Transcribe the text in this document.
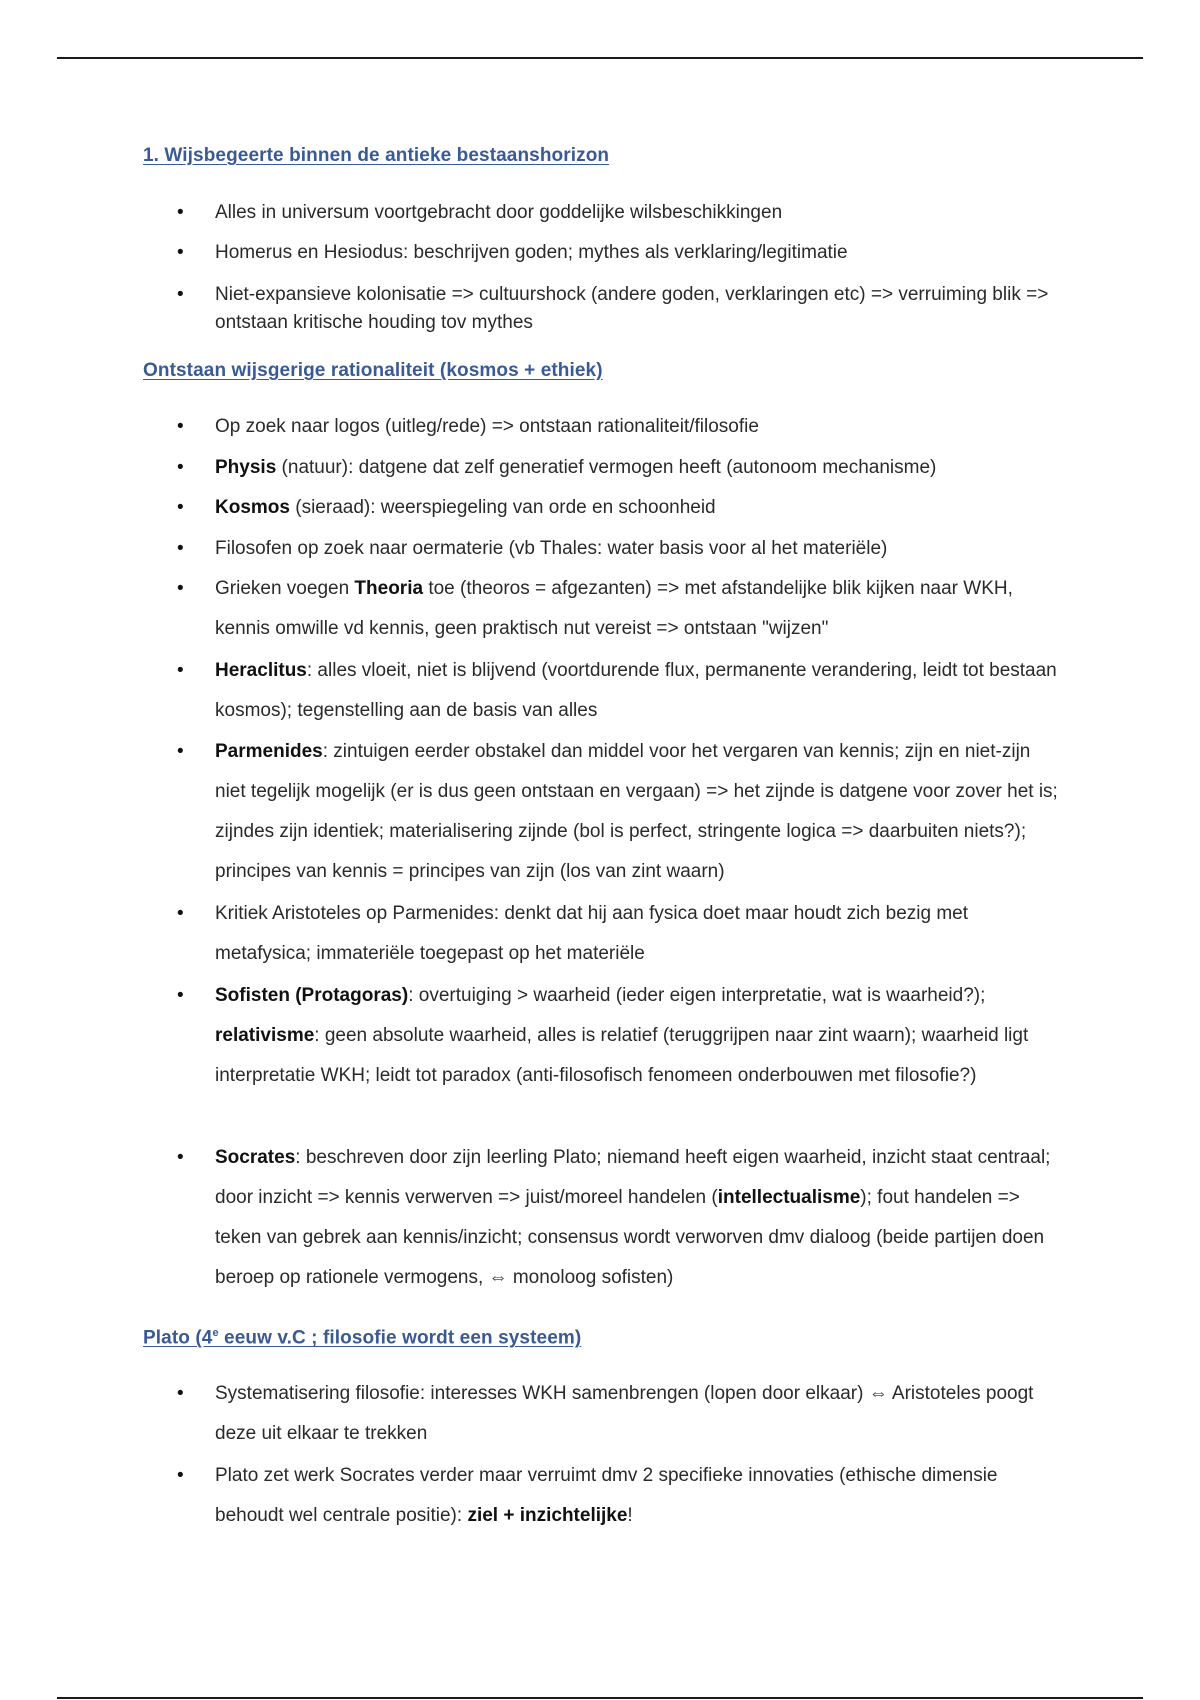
1. Wijsbegeerte binnen de antieke bestaanshorizon
• Alles in universum voortgebracht door goddelijke wilsbeschikkingen
• Homerus en Hesiodus: beschrijven goden; mythes als verklaring/legitimatie
• Niet-expansieve kolonisatie => cultuurshock (andere goden, verklaringen etc) => verruiming blik => ontstaan kritische houding tov mythes
Ontstaan wijsgerige rationaliteit (kosmos + ethiek)
• Op zoek naar logos (uitleg/rede) => ontstaan rationaliteit/filosofie
• Physis (natuur): datgene dat zelf generatief vermogen heeft (autonoom mechanisme)
• Kosmos (sieraad): weerspiegeling van orde en schoonheid
• Filosofen op zoek naar oermaterie (vb Thales: water basis voor al het materiële)
• Grieken voegen Theoria toe (theoros = afgezanten) => met afstandelijke blik kijken naar WKH, kennis omwille vd kennis, geen praktisch nut vereist => ontstaan "wijzen"
• Heraclitus: alles vloeit, niet is blijvend (voortdurende flux, permanente verandering, leidt tot bestaan kosmos); tegenstelling aan de basis van alles
• Parmenides: zintuigen eerder obstakel dan middel voor het vergaren van kennis; zijn en niet-zijn niet tegelijk mogelijk (er is dus geen ontstaan en vergaan) => het zijnde is datgene voor zover het is; zijndes zijn identiek; materialisering zijnde (bol is perfect, stringente logica => daarbuiten niets?); principes van kennis = principes van zijn (los van zint waarn)
• Kritiek Aristoteles op Parmenides: denkt dat hij aan fysica doet maar houdt zich bezig met metafysica; immateriële toegepast op het materiële
• Sofisten (Protagoras): overtuiging > waarheid (ieder eigen interpretatie, wat is waarheid?); relativisme: geen absolute waarheid, alles is relatief (teruggrijpen naar zint waarn); waarheid ligt interpretatie WKH; leidt tot paradox (anti-filosofisch fenomeen onderbouwen met filosofie?)
• Socrates: beschreven door zijn leerling Plato; niemand heeft eigen waarheid, inzicht staat centraal; door inzicht => kennis verwerven => juist/moreel handelen (intellectualisme); fout handelen => teken van gebrek aan kennis/inzicht; consensus wordt verworven dmv dialoog (beide partijen doen beroep op rationele vermogens, ⇔ monoloog sofisten)
Plato (4e eeuw v.C ; filosofie wordt een systeem)
• Systematisering filosofie: interesses WKH samenbrengen (lopen door elkaar) ⇔ Aristoteles poogt deze uit elkaar te trekken
• Plato zet werk Socrates verder maar verruimt dmv 2 specifieke innovaties (ethische dimensie behoudt wel centrale positie): ziel + inzichtelijke!
